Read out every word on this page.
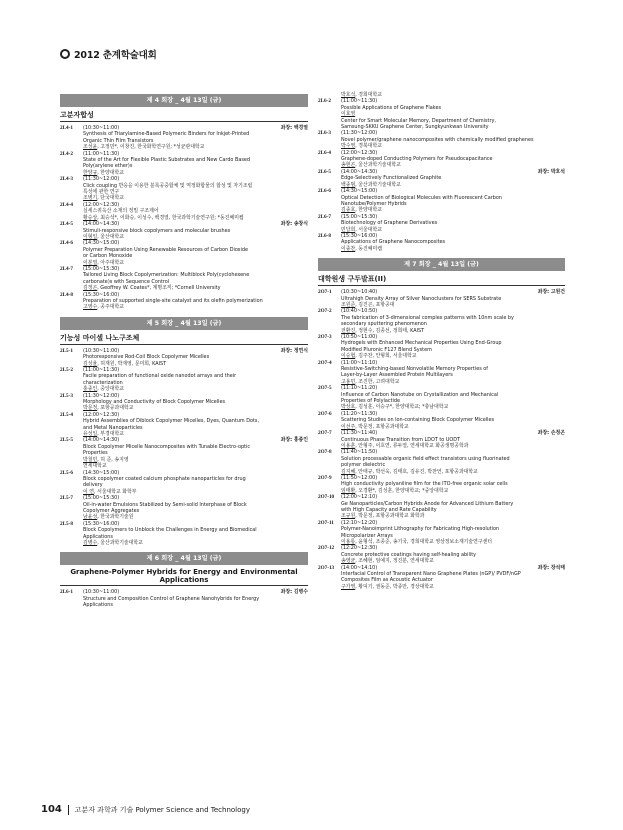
2012 춘계학술대회
제 4 회장 _ 4월 13일 (금)
고분자합성
2L4-1	(10:30~11:00)	좌장: 백경열
Synthesis of Triarylamine-Based Polymeric Binders for Inkjet-Printed
Organic Thin Film Transistors
조성윤, 고정민*, 이창진, 한국화학연구원; *성균관대학교
2L4-2	(11:00~11:30)
State of the Art for Flexible Plastic Substrates and New Cardo Based
Poly(arylene ether)s
한양규, 한양대학교
2L4-3	(11:30~12:00)
Click coupling 반응을 이용한 블록공중합체 및 역정화합물의 합성 및 자기조립
특성에 관한 연구
조병기, 단국대학교
2L4-4	(12:00~12:30)
실세스퀴옥산 소재의 정밀 구조제어
황승상, 최승석*, 이화승, 이성수, 백경열, 한국과학기술연구원; *동진쎄미켐
2L4-5	(14:00~14:30)	좌장: 송창식
Stimuli-responsive block copolymers and molecular brushes
이형일, 울산대학교
2L4-6	(14:30~15:00)
Polymer Preparation Using Renewable Resources of Carbon Dioxide
or Carbon Monoxide
이분열, 아주대학교
2L4-7	(15:00~15:30)
Tailored Living Block Copolymerization: Multiblock Poly(cyclohexene
carbonate)s with Sequence Control
김정곤, Geoffrey W. Coates*, 계명조직; *Cornell University
2L4-8	(15:30~16:00)
Preparation of supported single-site catalyst and its olefin polymerization
고영수, 공주대학교
제 5 회장 _ 4월 13일 (금)
기능성 마이셀 나노구조체
2L5-1	(10:30~11:00)	좌장: 정연식
Photoresponsive Rod-Coil Block Copolymer Micelles
김성율, 허재원, 박재영, 문미희, KAIST
2L5-2	(11:00~11:30)
Facile preparation of functional oxide nanodot arrays and their
characterization
홍종인, 중앙대학교
2L5-3	(11:30~12:00)
Morphology and Conductivity of Block Copolymer Micelles
박문정, 포항공과대학교
2L5-4	(12:00~12:30)
Hybrid Assemblies of Diblock Copolymer Micelles, Dyes, Quantum Dots,
and Metal Nanoparticles
유성일, 부경대학교
2L5-5	(14:00~14:30)	좌장: 홍종인
Block Copolymer Micelle Nanocomposites with Tunable Electro-optic
Properties
박철민, 허 준, 송지영
연세대학교
2L5-6	(14:30~15:00)
Block copolymer coated calcium phosphate nanoparticles for drug
delivery
이 연, 서울대학교 화학부
2L5-7	(15:00~15:30)
Oil-in-water Emulsions Stabilized by Semi-solid Interphase of Block
Copolymer Aggregates
남윤성, 한국과학기술원
2L5-8	(15:30~16:00)
Block Copolymers to Unblock the Challenges in Energy and Biomedical
Applications
김병수, 울산과학기술대학교
제 6 회장 _ 4월 13일 (금)
Graphene-Polymer Hybrids for Energy and Environmental Applications
2L6-1	(10:30~11:00)	좌장: 김병수
Structure and Composition Control of Graphene Nanohybrids for Energy
Applications
박호석, 경희대학교
2L6-2	(11:00~11:30)
Possible Applications of Graphene Flakes
이효영
Center for Smart Molecular Memory, Department of Chemistry,
Samsung-SKKU Graphene Center, Sungkyunkwan University
2L6-3	(11:30~12:00)
Novel polymer/graphene nanocomposites with chemically modified graphenes
박수영, 경북대학교
2L6-4	(12:00~12:30)
Graphene-doped Conducting Polymers for Pseudocapacitance
송현곤, 울산과학기술대학교
2L6-5	(14:00~14:30)	좌장: 박호석
Edge-Selectively Functionalized Graphite
백종범, 울산과학기술대학교
2L6-6	(14:30~15:00)
Optical Detection of Biological Molecules with Fluorescent Carbon
Nanotube/Polymer Hybrids
김종호, 한양대학교
2L6-7	(15:00~15:30)
Biotechnology of Graphene Derivatives
민달희, 서울대학교
2L6-8	(15:30~16:00)
Applications of Graphene Nanocomposites
이종찬, 동진쎄미켐
제 7 회장 _ 4월 13일 (금)
대학원생 구두발표(II)
2O7-1	(10:30~10:40)	좌장: 고원건
Ultrahigh Density Array of Silver Nanoclusters for SERS Substrate
조원준, 김진곤, 포항공대
2O7-2	(10:40~10:50)
The fabrication of 3-dimensional complex patterns with 10nm scale by
secondary sputtering phenomenon
전환진, 정현수, 김종선, 정희태, KAIST
2O7-3	(10:50~11:00)
Hydrogels with Enhanced Mechanical Properties Using End-Group
Modified Pluronic F127 Blend System
이승협, 김주찬, 안형희, 서울대학교
2O7-4	(11:00~11:10)
Resistive-Switching-based Nonvolatile Memory Properties of
Layer-by-Layer Assembled Protein Multilayers
고용민, 조진한, 고려대학교
2O7-5	(11:10~11:20)
Influence of Carbon Nanotube on Crystallization and Mechanical
Properties of Polylactide
박상호, 김성훈, 이승구*, 한양대학교; *충남대학교
2O7-6	(11:20~11:30)
Scattering Studies on Ion-containing Block Copolymer Micelles
이선주, 박문정, 포항공과대학교
2O7-7	(11:30~11:40)	좌장: 손정곤
Continuous Phase Transition from LDOT to UODT
이용훈, 안형주, 이호연, 류두열, 연세대학교 화공생명공학과
2O7-8	(11:40~11:50)
Solution processable organic field effect transistors using fluorinated
polymer dielectric
김지혜, 안태규, 박선욱, 김태호, 김유진, 박찬언, 포항공과대학교
2O7-9	(11:50~12:00)
High conductivity polyaniline film for the ITO-free organic solar cells
임태환, 오경환*, 김성훈, 한양대학교; *중앙대학교
2O7-10	(12:00~12:10)
Ge Nanoparticles/Carbon Hybrids Anode for Advanced Lithium Battery
with High Capacity and Rate Capability
조규원, 박문정, 포항공과대학교 화학과
2O7-11	(12:10~12:20)
Polymer-Nanoimprint Lithography for Fabricating High-resolution
Micropolarizer Arrays
이용롱, 윤형석, 조종준, 송기국, 경희대학교 영상정보소재기술연구센터
2O7-12	(12:20~12:30)
Concrete protective coatings having self-healing ability
송영균, 조혜현, 임예지, 정진분, 연세대학교
2O7-13	(14:00~14:10)	좌장: 장석태
Interfacial Control of Transparent Nano Graphene Plates (nGP)/ PVDF/nGP
Composites Film as Acoustic Actuator
구가영, 황덕기, 권동준, 박종만, 경상대학교
104 고분자 과학과 기술 Polymer Science and Technology
